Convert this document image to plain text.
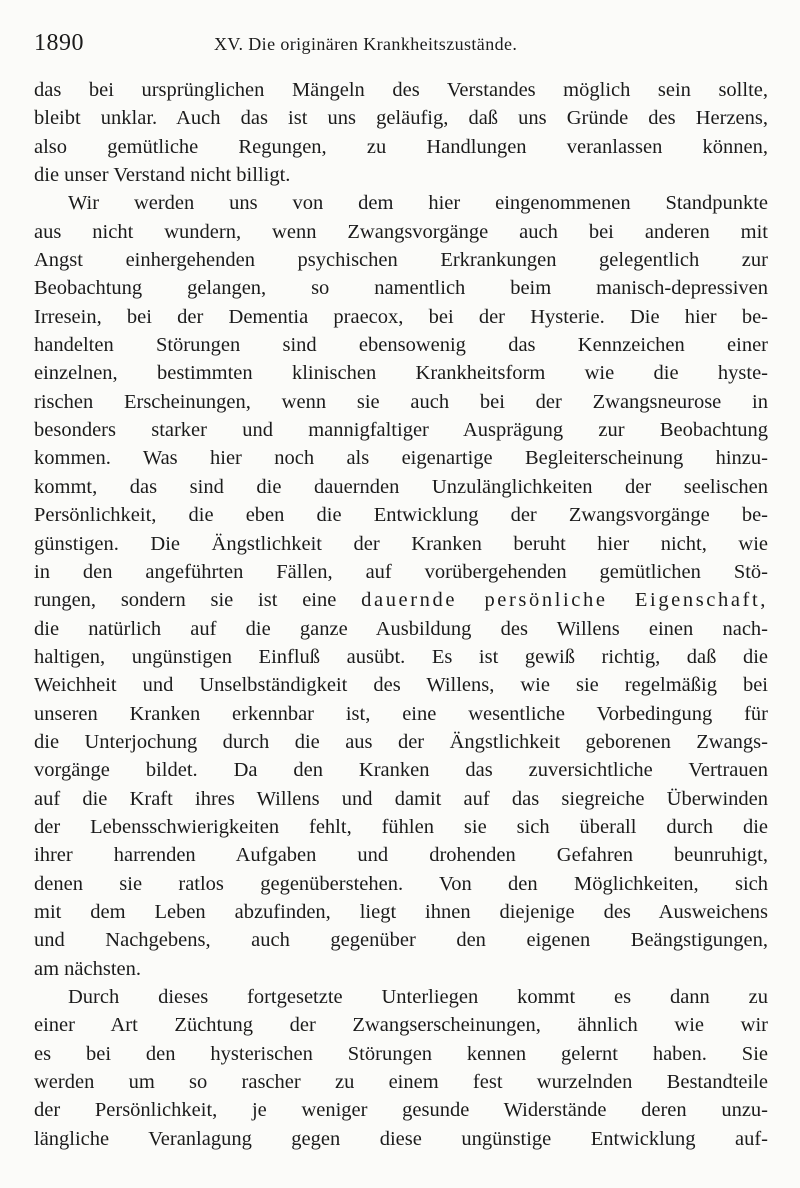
1890	XV. Die originären Krankheitszustände.
das bei ursprünglichen Mängeln des Verstandes möglich sein sollte,
bleibt unklar. Auch das ist uns geläufig, daß uns Gründe des Herzens,
also gemütliche Regungen, zu Handlungen veranlassen können,
die unser Verstand nicht billigt.
Wir werden uns von dem hier eingenommenen Standpunkte
aus nicht wundern, wenn Zwangsvorgänge auch bei anderen mit
Angst einhergehenden psychischen Erkrankungen gelegentlich zur
Beobachtung gelangen, so namentlich beim manisch-depressiven
Irresein, bei der Dementia praecox, bei der Hysterie. Die hier be-
handelten Störungen sind ebensowenig das Kennzeichen einer
einzelnen, bestimmten klinischen Krankheitsform wie die hyste-
rischen Erscheinungen, wenn sie auch bei der Zwangsneurose in
besonders starker und mannigfaltiger Ausprägung zur Beobachtung
kommen. Was hier noch als eigenartige Begleiterscheinung hinzu-
kommt, das sind die dauernden Unzulänglichkeiten der seelischen
Persönlichkeit, die eben die Entwicklung der Zwangsvorgänge be-
günstigen. Die Ängstlichkeit der Kranken beruht hier nicht, wie
in den angeführten Fällen, auf vorübergehenden gemütlichen Stö-
rungen, sondern sie ist eine dauernde persönliche Eigenschaft,
die natürlich auf die ganze Ausbildung des Willens einen nach-
haltigen, ungünstigen Einfluß ausübt. Es ist gewiß richtig, daß die
Weichheit und Unselbständigkeit des Willens, wie sie regelmäßig bei
unseren Kranken erkennbar ist, eine wesentliche Vorbedingung für
die Unterjochung durch die aus der Ängstlichkeit geborenen Zwangs-
vorgänge bildet. Da den Kranken das zuversichtliche Vertrauen
auf die Kraft ihres Willens und damit auf das siegreiche Überwinden
der Lebensschwierigkeiten fehlt, fühlen sie sich überall durch die
ihrer harrenden Aufgaben und drohenden Gefahren beunruhigt,
denen sie ratlos gegenüberstehen. Von den Möglichkeiten, sich
mit dem Leben abzufinden, liegt ihnen diejenige des Ausweichens
und Nachgebens, auch gegenüber den eigenen Beängstigungen,
am nächsten.
Durch dieses fortgesetzte Unterliegen kommt es dann zu
einer Art Züchtung der Zwangserscheinungen, ähnlich wie wir
es bei den hysterischen Störungen kennen gelernt haben. Sie
werden um so rascher zu einem fest wurzelnden Bestandteile
der Persönlichkeit, je weniger gesunde Widerstände deren unzu-
längliche Veranlagung gegen diese ungünstige Entwicklung auf-
